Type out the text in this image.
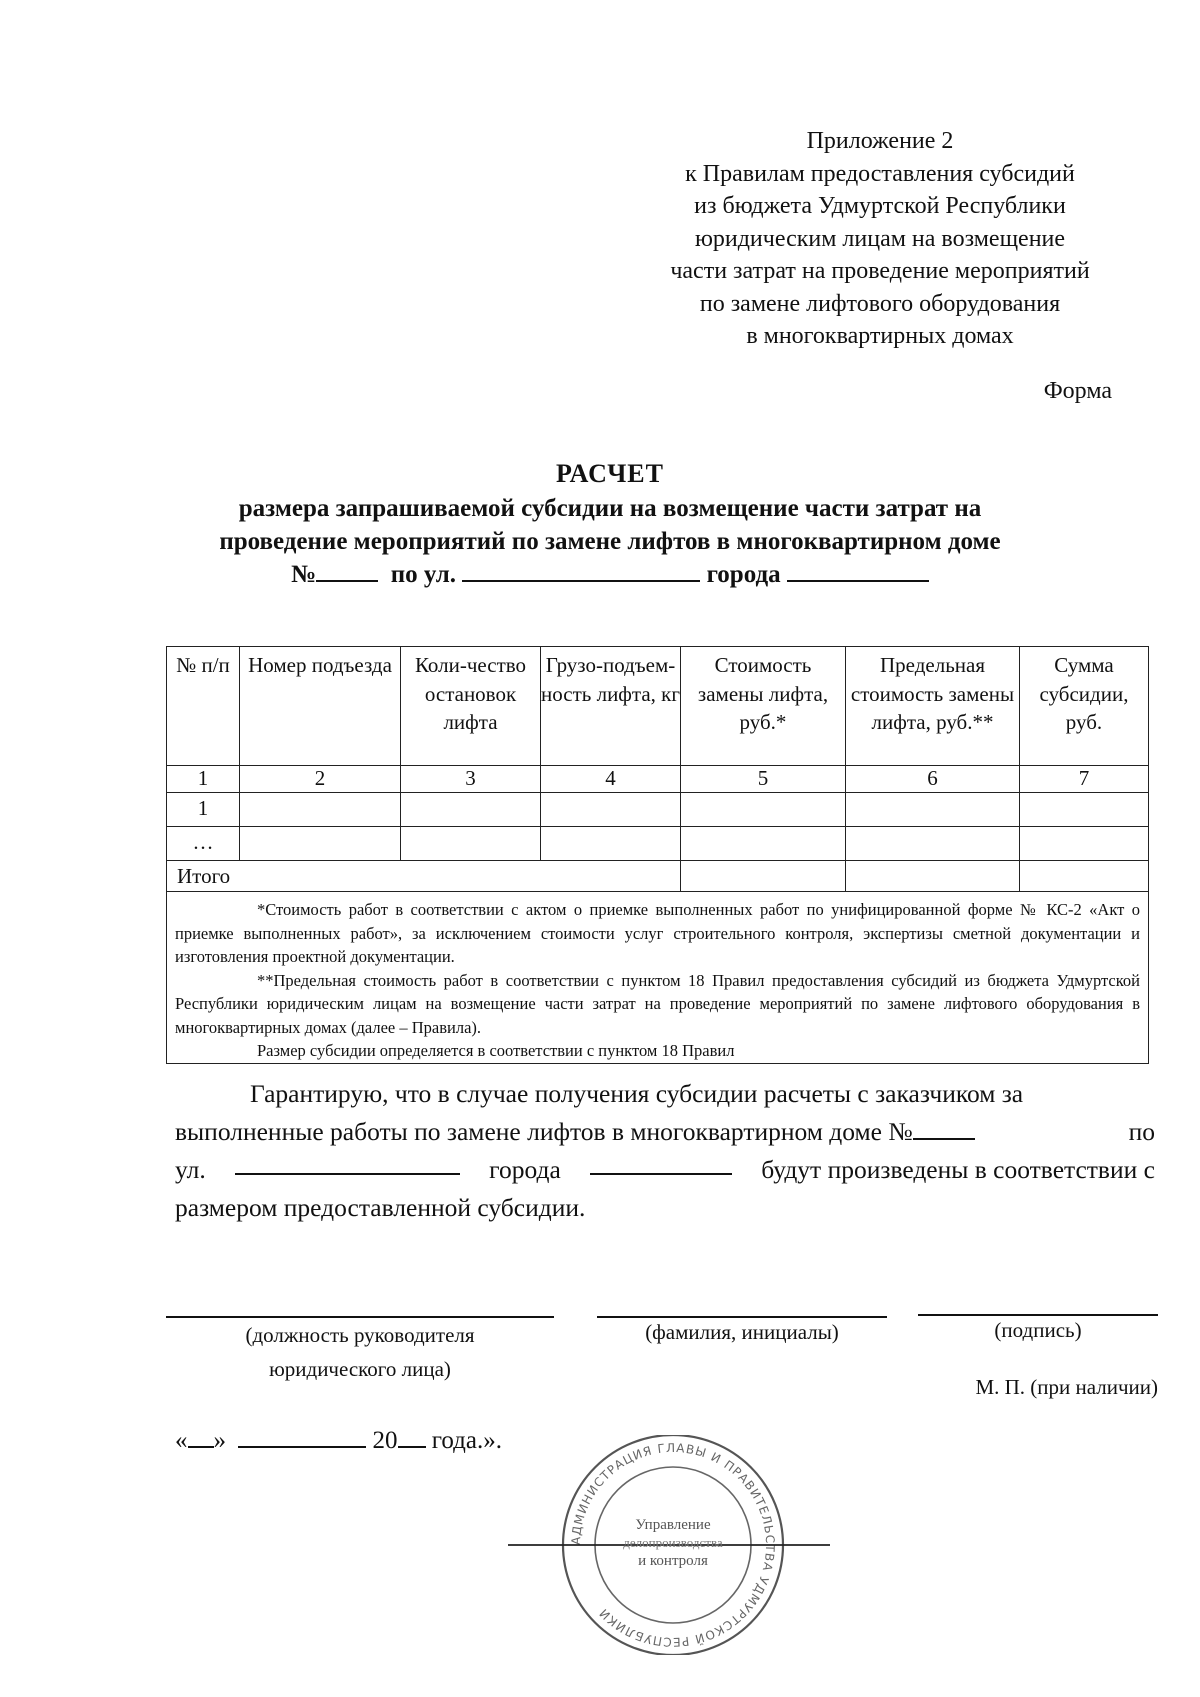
Приложение 2
к Правилам предоставления субсидий
из бюджета Удмуртской Республики
юридическим лицам на возмещение
части затрат на проведение мероприятий
по замене лифтового оборудования
в многоквартирных домах
Форма
РАСЧЕТ
размера запрашиваемой субсидии на возмещение части затрат на
проведение мероприятий по замене лифтов в многоквартирном доме
№	по ул.	города
№ п/п	Номер подъезда	Коли-чество остановок лифта	Грузо-подъем-ность лифта, кг	Стоимость замены лифта, руб.*	Предельная стоимость замены лифта, руб.**	Сумма субсидии, руб.
1	2	3	4	5	6	7
1						
…						
Итого						

*Стоимость работ в соответствии с актом о приемке выполненных работ по унифицированной форме № КС-2 «Акт о приемке выполненных работ», за исключением стоимости услуг строительного контроля, экспертизы сметной документации и изготовления проектной документации.
**Предельная стоимость работ в соответствии с пунктом 18 Правил предоставления субсидий из бюджета Удмуртской Республики юридическим лицам на возмещение части затрат на проведение мероприятий по замене лифтового оборудования в многоквартирных домах (далее – Правила).
Размер субсидии определяется в соответствии с пунктом 18 Правил						
Гарантирую, что в случае получения субсидии расчеты с заказчиком за
выполненные работы по замене лифтов в многоквартирном доме №	по
ул.	города	будут произведены в соответствии с
размером предоставленной субсидии.
(должность руководителя
юридического лица)
(фамилия, инициалы)	(подпись)
М. П. (при наличии)
« »	20 года.».
АДМИНИСТРАЦИЯ ГЛАВЫ И ПРАВИТЕЛЬСТВА УДМУРТСКОЙ РЕСПУБЛИКИ
Управление
делопроизводства
и контроля
